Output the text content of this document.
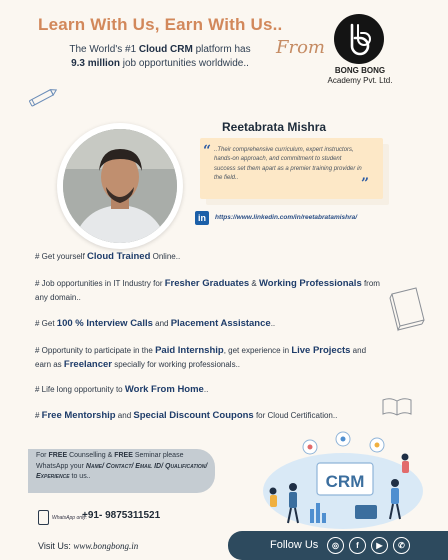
Learn With Us, Earn With Us..
The World's #1 Cloud CRM platform has
9.3 million job opportunities worldwide..
From
BONG BONG
Academy Pvt. Ltd.
Reetabrata Mishra
“ ..Their comprehensive curriculum, expert instructors, hands-on approach, and commitment to student success set them apart as a premier training provider in the field..	”
in	https://www.linkedin.com/in/reetabratamishra/
# Get yourself Cloud Trained Online..
# Job opportunities in IT Industry for Fresher Graduates & Working Professionals from any domain..
# Get 100 % Interview Calls and Placement Assistance..
# Opportunity to participate in the Paid Internship, get experience in Live Projects and earn as Freelancer specially for working professionals..
# Life long opportunity to Work From Home..
# Free Mentorship and Special Discount Coupons for Cloud Certification..
For FREE Counselling & FREE Seminar please WhatsApp your Name/ Contact/ Email ID/ Qualification/ Experience to us..
WhatsApp only:
+91- 9875311521
CRM
Visit Us: www.bongbong.in	Follow Us	◎	f	▶	✆
